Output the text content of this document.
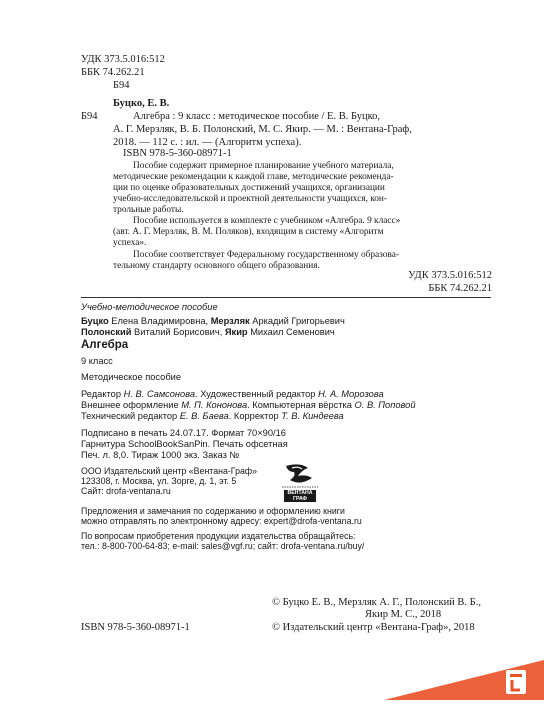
УДК 373.5.016:512
ББК 74.262.21
Б94
Буцко, Е. В.
Б94	Алгебра : 9 класс : методическое пособие / Е. В. Буцко,
А. Г. Мерзляк, В. Б. Полонский, М. С. Якир. — М. : Вентана-Граф,
2018. — 112 с. : ил. — (Алгоритм успеха).
ISBN 978-5-360-08971-1
Пособие содержит примерное планирование учебного материала,
методические рекомендации к каждой главе, методические рекоменда-
ции по оценке образовательных достижений учащихся, организации
учебно-исследовательской и проектной деятельности учащихся, кон-
трольные работы.
Пособие используется в комплекте с учебником «Алгебра. 9 класс»
(авт. А. Г. Мерзляк, В. М. Поляков), входящим в систему «Алгоритм
успеха».
Пособие соответствует Федеральному государственному образова-
тельному стандарту основного общего образования.
УДК 373.5.016:512
ББК 74.262.21
Учебно-методическое пособие
Буцко Елена Владимировна, Мерзляк Аркадий Григорьевич
Полонский Виталий Борисович, Якир Михаил Семенович
Алгебра
9 класс
Методическое пособие
Редактор Н. В. Самсонова. Художественный редактор Н. А. Морозова
Внешнее оформление М. П. Кононова. Компьютерная вёрстка О. В. Поповой
Технический редактор Е. В. Баева. Корректор Т. В. Киндеева
Подписано в печать 24.07.17. Формат 70×90/16
Гарнитура SchoolBookSanPin. Печать офсетная
Печ. л. 8,0. Тираж 1000 экз. Заказ №
ООО Издательский центр «Вентана-Граф»
123308, г. Москва, ул. Зорге, д. 1, эт. 5
Сайт: drofa-ventana.ru	ВЕНТАНА ГРАФ
Предложения и замечания по содержанию и оформлению книги
можно отправлять по электронному адресу: expert@drofa-ventana.ru
По вопросам приобретения продукции издательства обращайтесь:
тел.: 8-800-700-64-83; e-mail: sales@vgf.ru; сайт: drofa-ventana.ru/buy/
© Буцко Е. В., Мерзляк А. Г., Полонский В. Б.,
Якир М. С., 2018
ISBN 978-5-360-08971-1	© Издательский центр «Вентана-Граф», 2018
